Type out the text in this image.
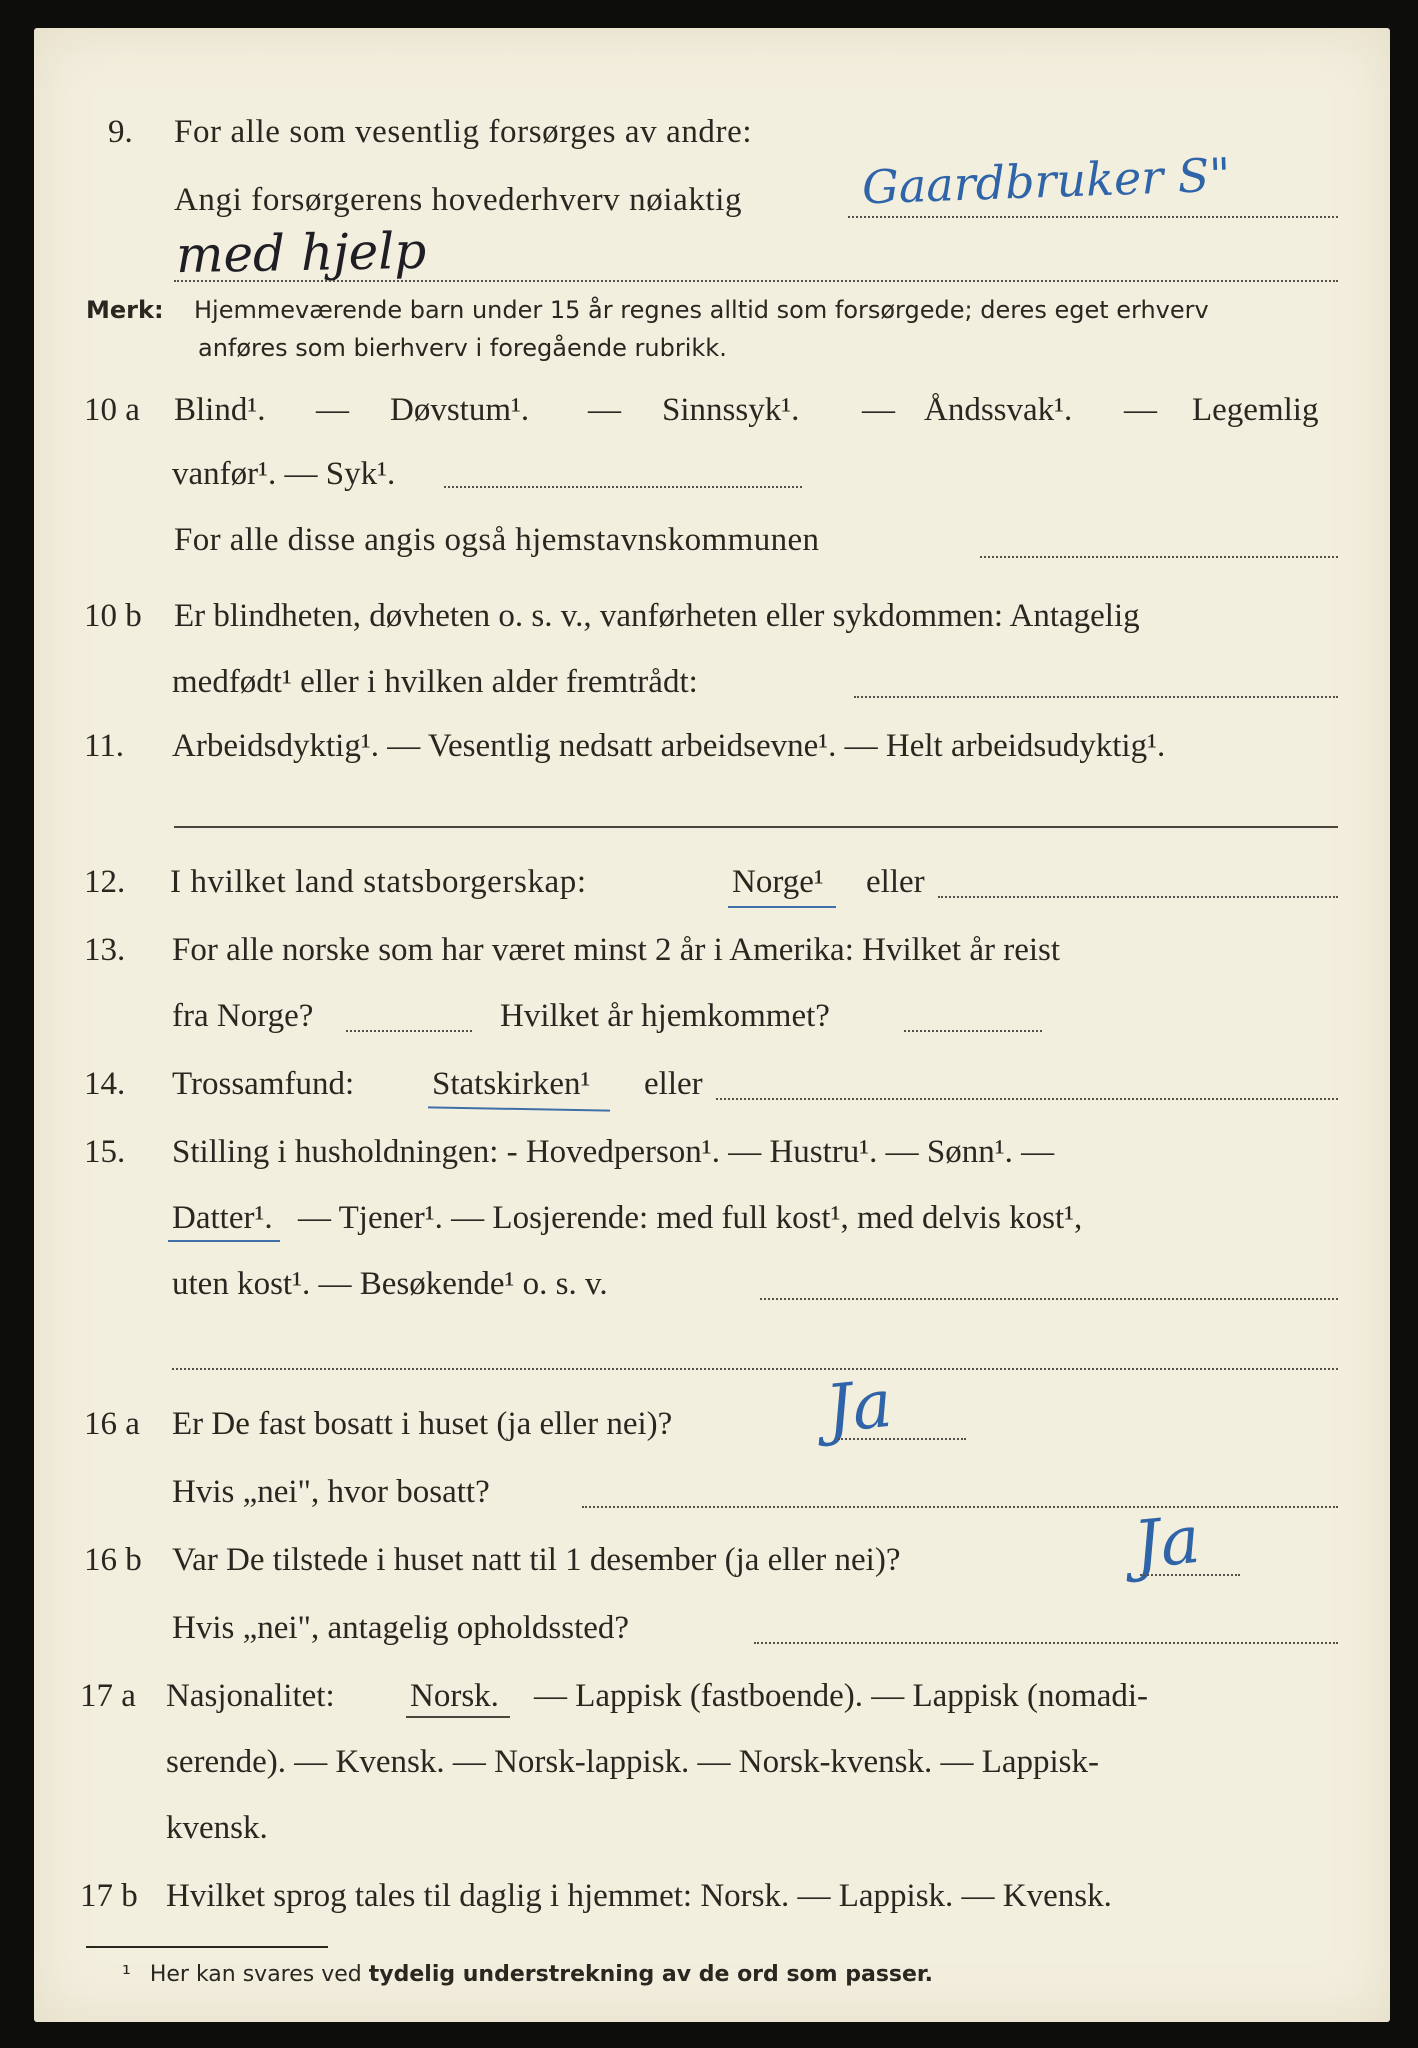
9. For alle som vesentlig forsørges av andre:
Angi forsørgerens hovederhverv nøiaktig	Gaardbruker S"
med hjelp
Merk: Hjemmeværende barn under 15 år regnes alltid som forsørgede; deres eget erhverv
anføres som bierhverv i foregående rubrikk.
10 a Blind¹. — Døvstum¹. — Sinnssyk¹. — Åndssvak¹. — Legemlig
vanfør¹. — Syk¹.
For alle disse angis også hjemstavnskommunen
10 b Er blindheten, døvheten o. s. v., vanførheten eller sykdommen: Antagelig
medfødt¹ eller i hvilken alder fremtrådt:
11. Arbeidsdyktig¹. — Vesentlig nedsatt arbeidsevne¹. — Helt arbeidsudyktig¹.
12. I hvilket land statsborgerskap:	Norge¹ eller
13. For alle norske som har været minst 2 år i Amerika: Hvilket år reist
fra Norge?	Hvilket år hjemkommet?
14. Trossamfund: Statskirken¹ eller
15. Stilling i husholdningen: - Hovedperson¹. — Hustru¹. — Sønn¹. —
Datter¹. — Tjener¹. — Losjerende: med full kost¹, med delvis kost¹,
uten kost¹. — Besøkende¹ o. s. v.
16 a Er De fast bosatt i huset (ja eller nei)? Ja
Hvis „nei", hvor bosatt?
16 b Var De tilstede i huset natt til 1 desember (ja eller nei)?	Ja
Hvis „nei", antagelig opholdssted?
17 a Nasjonalitet: Norsk. — Lappisk (fastboende). — Lappisk (nomadi-
serende). — Kvensk. — Norsk-lappisk. — Norsk-kvensk. — Lappisk-
kvensk.
17 b Hvilket sprog tales til daglig i hjemmet: Norsk. — Lappisk. — Kvensk.
¹ Her kan svares ved tydelig understrekning av de ord som passer.
